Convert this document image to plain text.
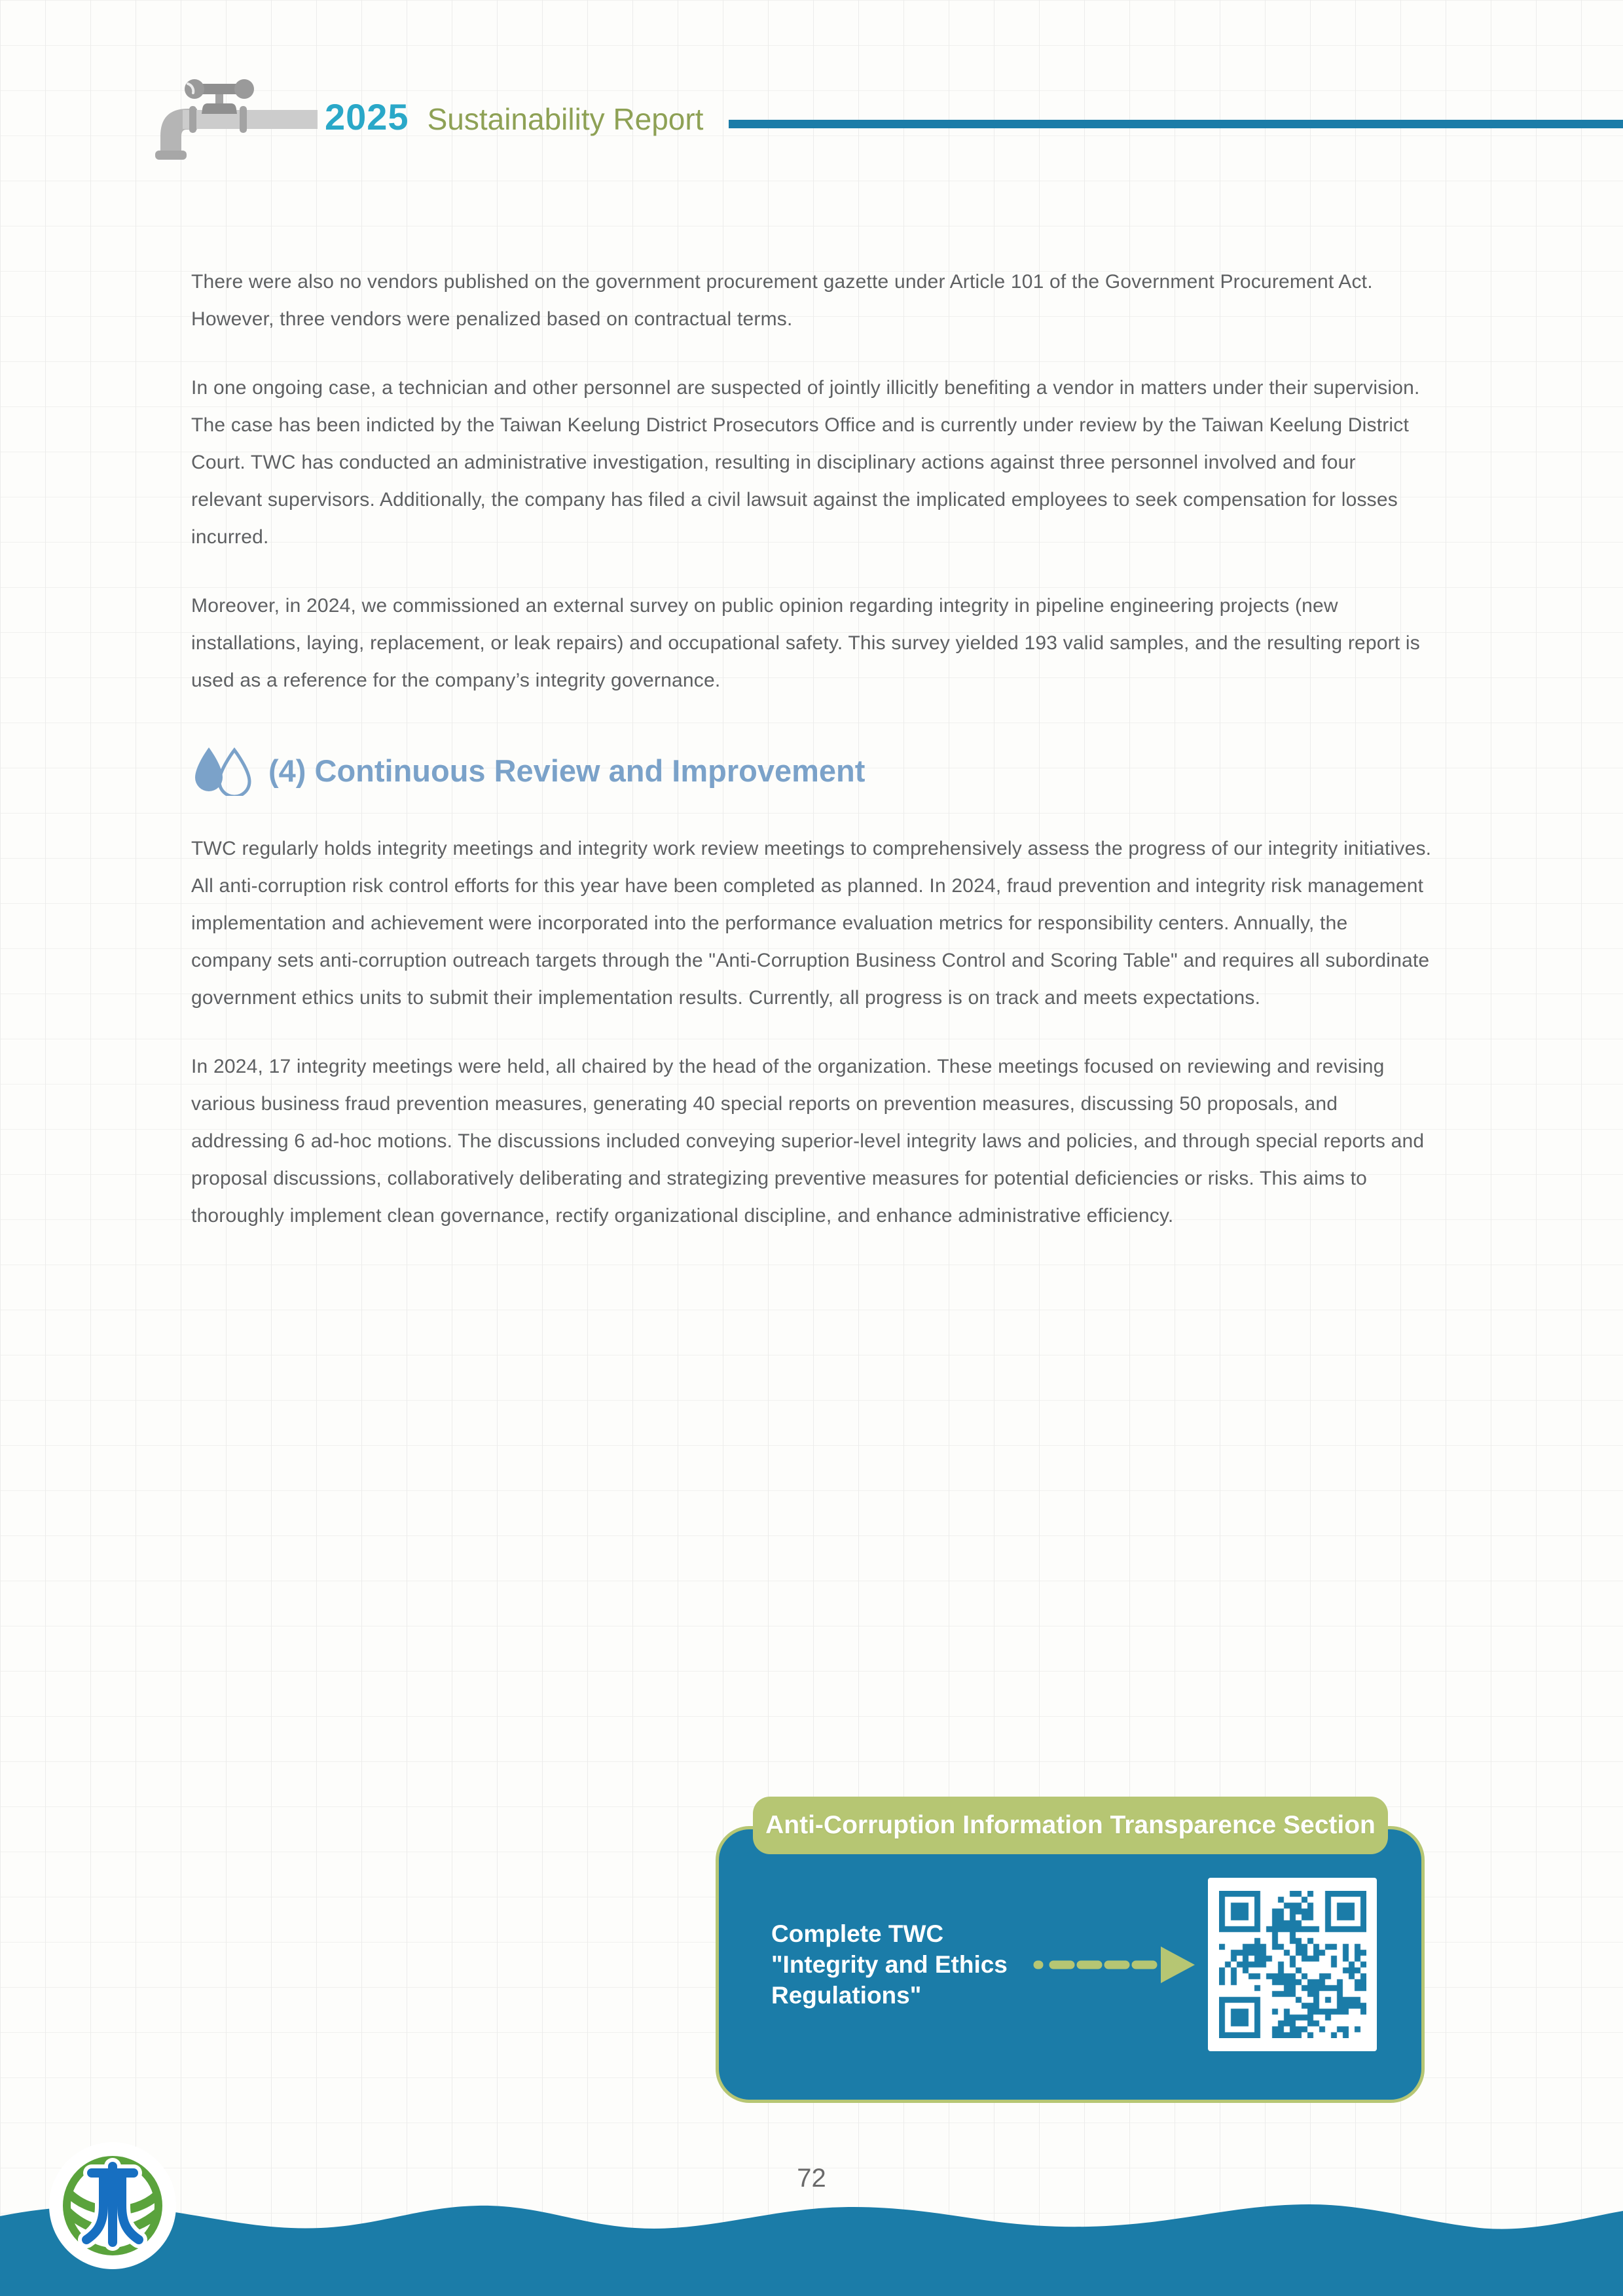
2025 Sustainability Report

There were also no vendors published on the government procurement gazette under Article 101 of the Government Procurement Act. However, three vendors were penalized based on contractual terms.

In one ongoing case, a technician and other personnel are suspected of jointly illicitly benefiting a vendor in matters under their supervision. The case has been indicted by the Taiwan Keelung District Prosecutors Office and is currently under review by the Taiwan Keelung District Court. TWC has conducted an administrative investigation, resulting in disciplinary actions against three personnel involved and four relevant supervisors. Additionally, the company has filed a civil lawsuit against the implicated employees to seek compensation for losses incurred.

Moreover, in 2024, we commissioned an external survey on public opinion regarding integrity in pipeline engineering projects (new installations, laying, replacement, or leak repairs) and occupational safety. This survey yielded 193 valid samples, and the resulting report is used as a reference for the company’s integrity governance.

(4) Continuous Review and Improvement

TWC regularly holds integrity meetings and integrity work review meetings to comprehensively assess the progress of our integrity initiatives. All anti-corruption risk control efforts for this year have been completed as planned. In 2024, fraud prevention and integrity risk management implementation and achievement were incorporated into the performance evaluation metrics for responsibility centers. Annually, the company sets anti-corruption outreach targets through the "Anti-Corruption Business Control and Scoring Table" and requires all subordinate government ethics units to submit their implementation results. Currently, all progress is on track and meets expectations.

In 2024, 17 integrity meetings were held, all chaired by the head of the organization. These meetings focused on reviewing and revising various business fraud prevention measures, generating 40 special reports on prevention measures, discussing 50 proposals, and addressing 6 ad-hoc motions. The discussions included conveying superior-level integrity laws and policies, and through special reports and proposal discussions, collaboratively deliberating and strategizing preventive measures for potential deficiencies or risks. This aims to thoroughly implement clean governance, rectify organizational discipline, and enhance administrative efficiency.

Anti-Corruption Information Transparence Section
Complete TWC
"Integrity and Ethics
Regulations"
72
